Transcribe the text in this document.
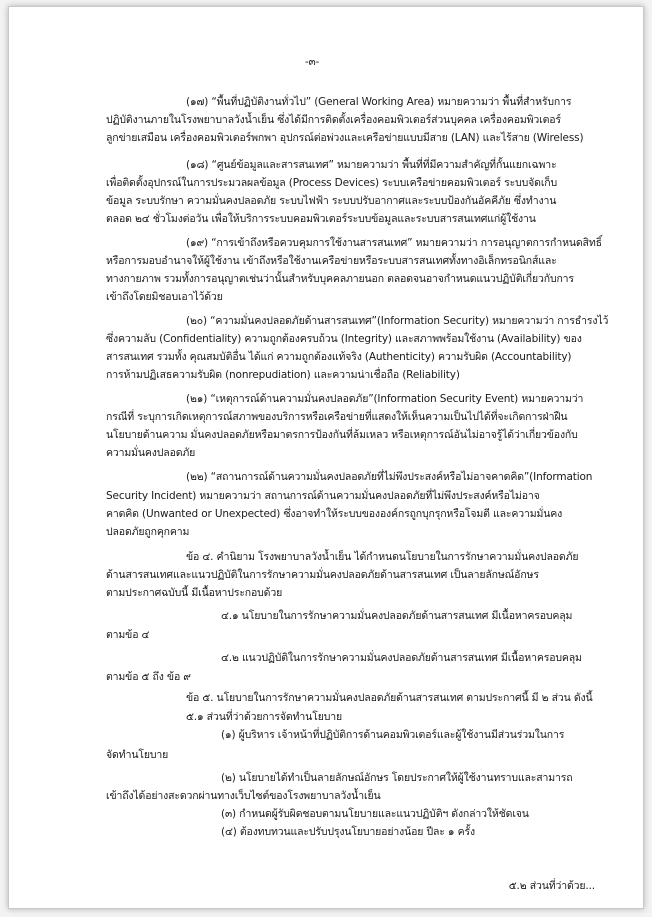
-๓-
(๑๗) “พื้นที่ปฏิบัติงานทั่วไป” (General Working Area) หมายความว่า พื้นที่สำหรับการ
ปฏิบัติงานภายในโรงพยาบาลวังน้ำเย็น ซึ่งได้มีการติดตั้งเครื่องคอมพิวเตอร์ส่วนบุคคล เครื่องคอมพิวเตอร์
ลูกข่ายเสมือน เครื่องคอมพิวเตอร์พกพา อุปกรณ์ต่อพ่วงและเครือข่ายแบบมีสาย (LAN) และไร้สาย (Wireless)
(๑๘) “ศูนย์ข้อมูลและสารสนเทศ” หมายความว่า พื้นที่ที่มีความสำคัญที่กั้นแยกเฉพาะ
เพื่อติดตั้งอุปกรณ์ในการประมวลผลข้อมูล (Process Devices) ระบบเครือข่ายคอมพิวเตอร์ ระบบจัดเก็บ
ข้อมูล ระบบรักษา ความมั่นคงปลอดภัย ระบบไฟฟ้า ระบบปรับอากาศและระบบป้องกันอัคคีภัย ซึ่งทำงาน
ตลอด ๒๔ ชั่วโมงต่อวัน เพื่อให้บริการระบบคอมพิวเตอร์ระบบข้อมูลและระบบสารสนเทศแก่ผู้ใช้งาน
(๑๙) “การเข้าถึงหรือควบคุมการใช้งานสารสนเทศ” หมายความว่า การอนุญาตการกำหนดสิทธิ์
หรือการมอบอำนาจให้ผู้ใช้งาน เข้าถึงหรือใช้งานเครือข่ายหรือระบบสารสนเทศทั้งทางอิเล็กทรอนิกส์และ
ทางกายภาพ รวมทั้งการอนุญาตเช่นว่านั้นสำหรับบุคคลภายนอก ตลอดจนอาจกำหนดแนวปฏิบัติเกี่ยวกับการ
เข้าถึงโดยมิชอบเอาไว้ด้วย
(๒๐) “ความมั่นคงปลอดภัยด้านสารสนเทศ”(Information Security) หมายความว่า การธำรงไว้
ซึ่งความลับ (Confidentiality) ความถูกต้องครบถ้วน (Integrity) และสภาพพร้อมใช้งาน (Availability) ของ
สารสนเทศ รวมทั้ง คุณสมบัติอื่น ได้แก่ ความถูกต้องแท้จริง (Authenticity) ความรับผิด (Accountability)
การห้ามปฏิเสธความรับผิด (nonrepudiation) และความน่าเชื่อถือ (Reliability)
(๒๑) “เหตุการณ์ด้านความมั่นคงปลอดภัย”(Information Security Event) หมายความว่า
กรณีที่ ระบุการเกิดเหตุการณ์สภาพของบริการหรือเครือข่ายที่แสดงให้เห็นความเป็นไปได้ที่จะเกิดการฝ่าฝืน
นโยบายด้านความ มั่นคงปลอดภัยหรือมาตรการป้องกันที่ล้มเหลว หรือเหตุการณ์อันไม่อาจรู้ได้ว่าเกี่ยวข้องกับ
ความมั่นคงปลอดภัย
(๒๒) “สถานการณ์ด้านความมั่นคงปลอดภัยที่ไม่พึงประสงค์หรือไม่อาจคาดคิด”(Information
Security Incident) หมายความว่า สถานการณ์ด้านความมั่นคงปลอดภัยที่ไม่พึงประสงค์หรือไม่อาจ
คาดคิด (Unwanted or Unexpected) ซึ่งอาจทำให้ระบบขององค์กรถูกบุกรุกหรือโจมตี และความมั่นคง
ปลอดภัยถูกคุกคาม
ข้อ ๔. คำนิยาม โรงพยาบาลวังน้ำเย็น ได้กำหนดนโยบายในการรักษาความมั่นคงปลอดภัย
ด้านสารสนเทศและแนวปฏิบัติในการรักษาความมั่นคงปลอดภัยด้านสารสนเทศ เป็นลายลักษณ์อักษร
ตามประกาศฉบับนี้ มีเนื้อหาประกอบด้วย
๔.๑ นโยบายในการรักษาความมั่นคงปลอดภัยด้านสารสนเทศ มีเนื้อหาครอบคลุม
ตามข้อ ๔
๔.๒ แนวปฏิบัติในการรักษาความมั่นคงปลอดภัยด้านสารสนเทศ มีเนื้อหาครอบคลุม
ตามข้อ ๕ ถึง ข้อ ๙
ข้อ ๕. นโยบายในการรักษาความมั่นคงปลอดภัยด้านสารสนเทศ ตามประกาศนี้ มี ๒ ส่วน ดังนี้
๕.๑ ส่วนที่ว่าด้วยการจัดทำนโยบาย
(๑) ผู้บริหาร เจ้าหน้าที่ปฏิบัติการด้านคอมพิวเตอร์และผู้ใช้งานมีส่วนร่วมในการ
จัดทำนโยบาย
(๒) นโยบายได้ทำเป็นลายลักษณ์อักษร โดยประกาศให้ผู้ใช้งานทราบและสามารถ
เข้าถึงได้อย่างสะดวกผ่านทางเว็บไซต์ของโรงพยาบาลวังน้ำเย็น
(๓) กำหนดผู้รับผิดชอบตามนโยบายและแนวปฏิบัติฯ ดังกล่าวให้ชัดเจน
(๔) ต้องทบทวนและปรับปรุงนโยบายอย่างน้อย ปีละ ๑ ครั้ง
๕.๒ ส่วนที่ว่าด้วย...
